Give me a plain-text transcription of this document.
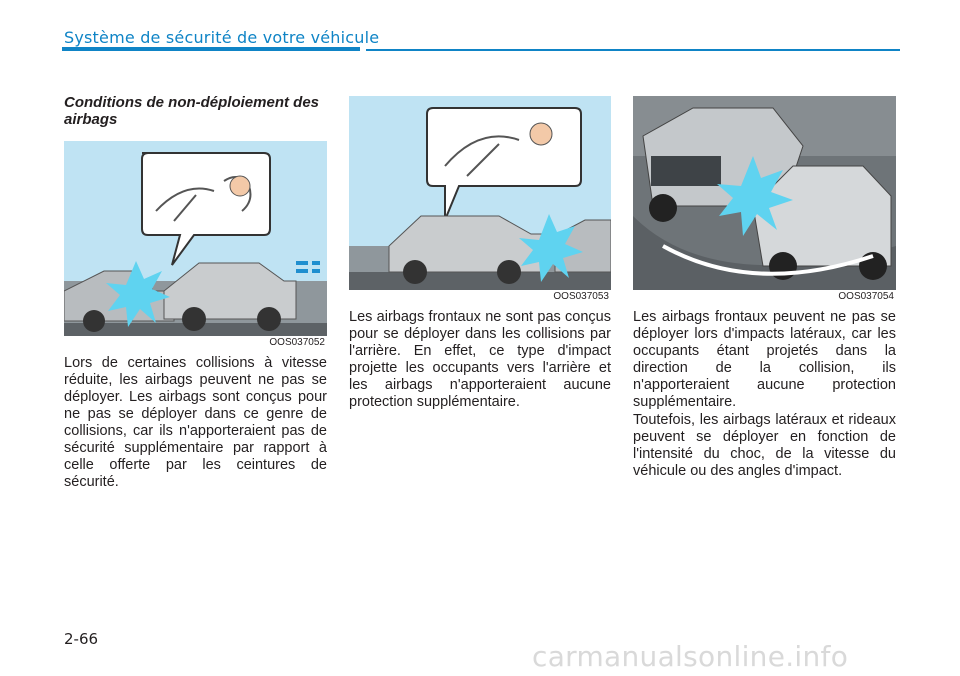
Système de sécurité de votre véhicule
Conditions de non-déploiement des airbags
OOS037052
OOS037053	OOS037054

Lors de certaines collisions à vitesse réduite, les airbags peuvent ne pas se déployer. Les airbags sont conçus pour ne pas se déployer dans ce genre de collisions, car ils n'apporteraient pas de sécurité supplémentaire par rapport à celle offerte par les ceintures de sécurité.

Les airbags frontaux ne sont pas conçus pour se déployer dans les collisions par l'arrière. En effet, ce type d'impact projette les occupants vers l'arrière et les airbags n'apporteraient aucune protection supplémentaire.

Les airbags frontaux peuvent ne pas se déployer lors d'impacts latéraux, car les occupants étant projetés dans la direction de la collision, ils n'apporteraient aucune protection supplémentaire.

Toutefois, les airbags latéraux et rideaux peuvent se déployer en fonction de l'intensité du choc, de la vitesse du véhicule ou des angles d'impact.

2-66
carmanualsonline.info
